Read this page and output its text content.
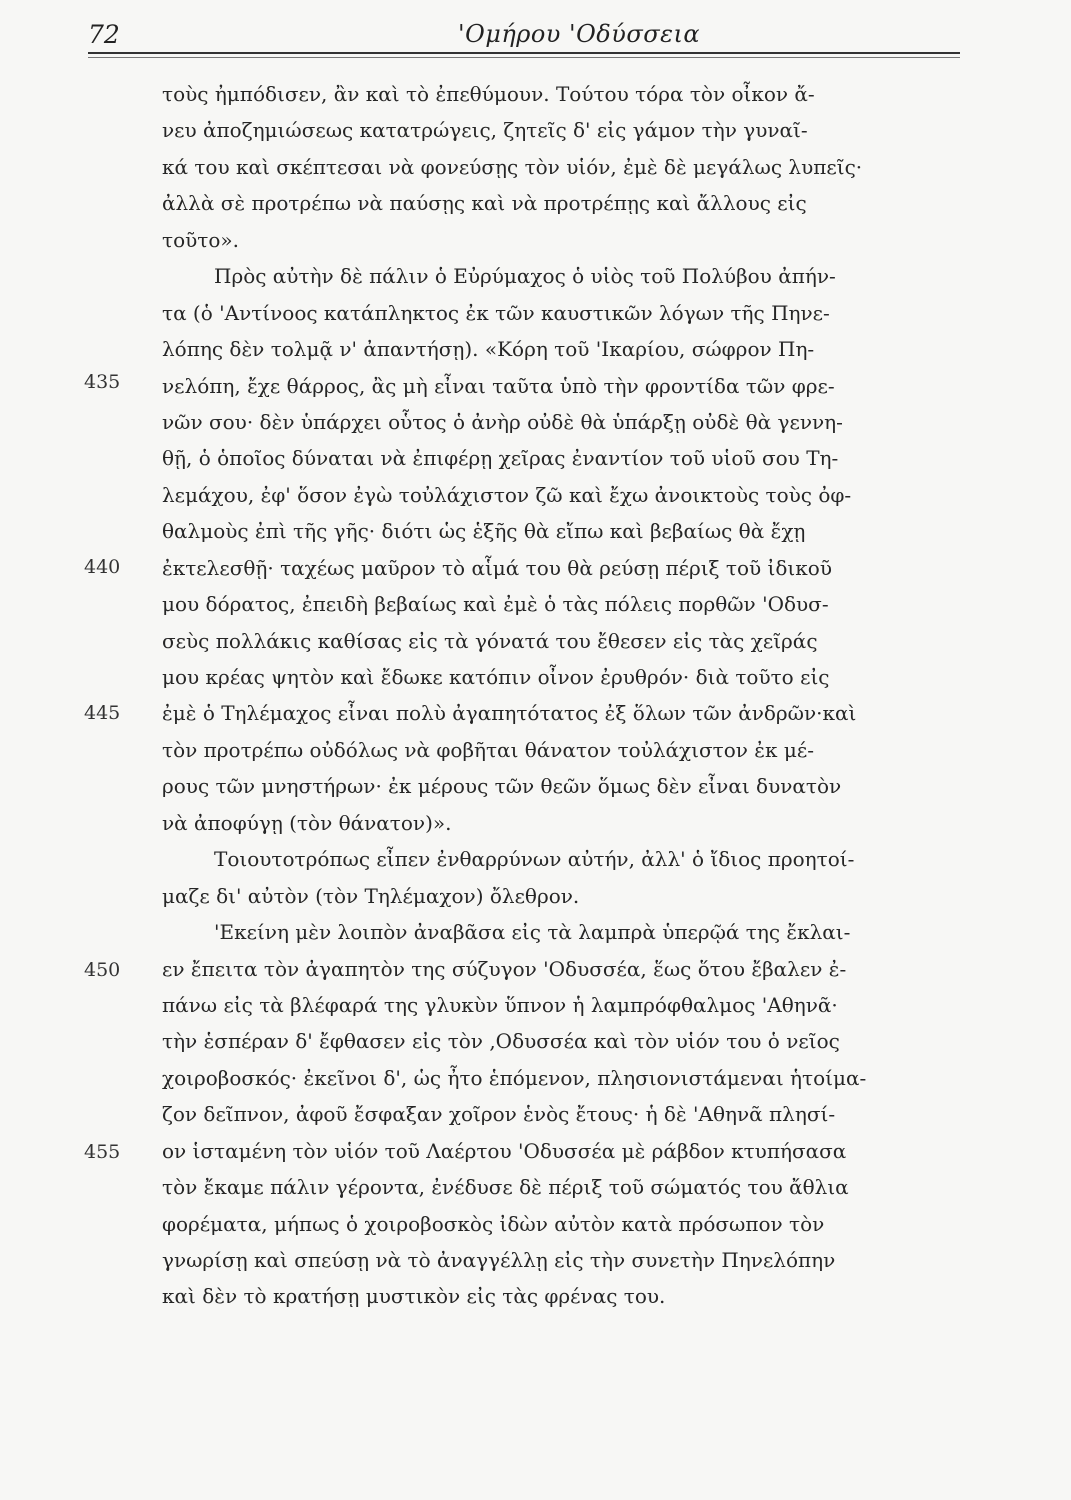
72	'Ομήρου 'Οδύσσεια
435
440
445
450
455
τοὺς ἠμπόδισεν, ἂν καὶ τὸ ἐπεθύμουν. Τούτου τόρα τὸν οἶκον ἄ-
νευ ἀποζημιώσεως κατατρώγεις, ζητεῖς δ' εἰς γάμον τὴν γυναῖ-
κά του καὶ σκέπτεσαι νὰ φονεύσῃς τὸν υἱόν, ἐμὲ δὲ μεγάλως λυπεῖς·
ἀλλὰ σὲ προτρέπω νὰ παύσῃς καὶ νὰ προτρέπῃς καὶ ἄλλους εἰς
τοῦτο».
Πρὸς αὐτὴν δὲ πάλιν ὁ Εὐρύμαχος ὁ υἱὸς τοῦ Πολύβου ἀπήν-
τα (ὁ 'Αντίνοος κατάπληκτος ἐκ τῶν καυστικῶν λόγων τῆς Πηνε-
λόπης δὲν τολμᾷ ν' ἀπαντήσῃ). «Κόρη τοῦ 'Ικαρίου, σώφρον Πη-
νελόπη, ἔχε θάρρος, ἂς μὴ εἶναι ταῦτα ὑπὸ τὴν φροντίδα τῶν φρε-
νῶν σου· δὲν ὑπάρχει οὗτος ὁ ἀνὴρ οὐδὲ θὰ ὑπάρξῃ οὐδὲ θὰ γεννη-
θῇ, ὁ ὁποῖος δύναται νὰ ἐπιφέρῃ χεῖρας ἐναντίον τοῦ υἱοῦ σου Τη-
λεμάχου, ἐφ' ὅσον ἐγὼ τοὐλάχιστον ζῶ καὶ ἔχω ἀνοικτοὺς τοὺς ὀφ-
θαλμοὺς ἐπὶ τῆς γῆς· διότι ὡς ἑξῆς θὰ εἴπω καὶ βεβαίως θὰ ἔχῃ
ἐκτελεσθῇ· ταχέως μαῦρον τὸ αἷμά του θὰ ρεύσῃ πέριξ τοῦ ἰδικοῦ
μου δόρατος, ἐπειδὴ βεβαίως καὶ ἐμὲ ὁ τὰς πόλεις πορθῶν 'Οδυσ-
σεὺς πολλάκις καθίσας εἰς τὰ γόνατά του ἔθεσεν εἰς τὰς χεῖράς
μου κρέας ψητὸν καὶ ἔδωκε κατόπιν οἶνον ἐρυθρόν· διὰ τοῦτο εἰς
ἐμὲ ὁ Τηλέμαχος εἶναι πολὺ ἀγαπητότατος ἐξ ὅλων τῶν ἀνδρῶν·καὶ
τὸν προτρέπω οὐδόλως νὰ φοβῆται θάνατον τοὐλάχιστον ἐκ μέ-
ρους τῶν μνηστήρων· ἐκ μέρους τῶν θεῶν ὅμως δὲν εἶναι δυνατὸν
νὰ ἀποφύγῃ (τὸν θάνατον)».
Τοιουτοτρόπως εἶπεν ἐνθαρρύνων αὐτήν, ἀλλ' ὁ ἴδιος προητοί-
μαζε δι' αὐτὸν (τὸν Τηλέμαχον) ὄλεθρον.
'Εκείνη μὲν λοιπὸν ἀναβᾶσα εἰς τὰ λαμπρὰ ὑπερῷά της ἔκλαι-
εν ἔπειτα τὸν ἀγαπητὸν της σύζυγον 'Οδυσσέα, ἕως ὅτου ἔβαλεν ἐ-
πάνω εἰς τὰ βλέφαρά της γλυκὺν ὕπνον ἡ λαμπρόφθαλμος 'Αθηνᾶ·
τὴν ἑσπέραν δ' ἔφθασεν εἰς τὸν ,Οδυσσέα καὶ τὸν υἱόν του ὁ νεῖος
χοιροβοσκός· ἐκεῖνοι δ', ὡς ἦτο ἑπόμενον, πλησιονιστάμεναι ἡτοίμα-
ζον δεῖπνον, ἀφοῦ ἔσφαξαν χοῖρον ἑνὸς ἔτους· ἡ δὲ 'Αθηνᾶ πλησί-
ον ἱσταμένη τὸν υἱόν τοῦ Λαέρτου 'Οδυσσέα μὲ ράβδον κτυπήσασα
τὸν ἔκαμε πάλιν γέροντα, ἐνέδυσε δὲ πέριξ τοῦ σώματός του ἄθλια
φορέματα, μήπως ὁ χοιροβοσκὸς ἰδὼν αὐτὸν κατὰ πρόσωπον τὸν
γνωρίσῃ καὶ σπεύσῃ νὰ τὸ ἀναγγέλλῃ εἰς τὴν συνετὴν Πηνελόπην
καὶ δὲν τὸ κρατήσῃ μυστικὸν εἰς τὰς φρένας του.
